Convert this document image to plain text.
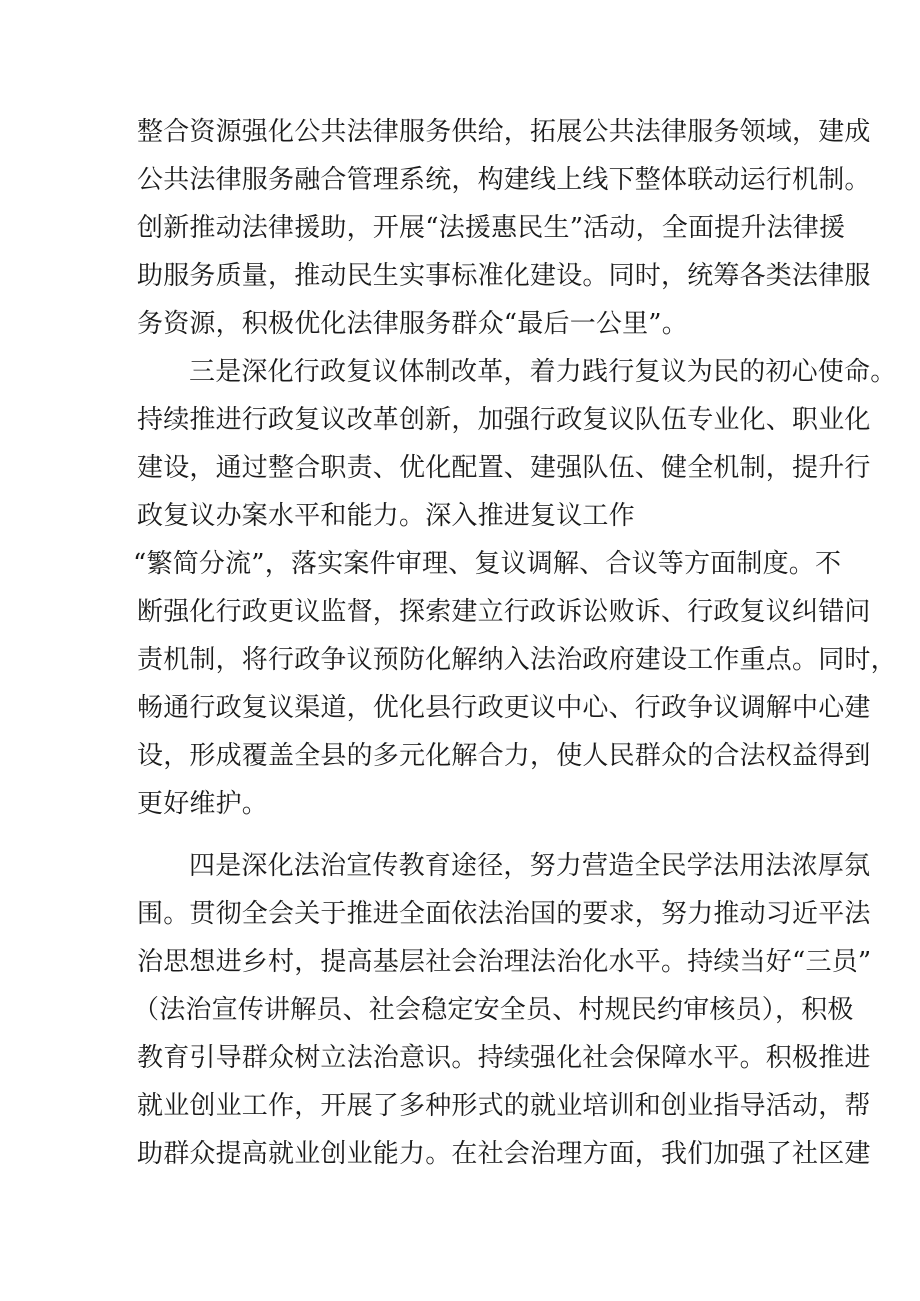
整合资源强化公共法律服务供给，拓展公共法律服务领域，建成
公共法律服务融合管理系统，构建线上线下整体联动运行机制。
创新推动法律援助，开展“法援惠民生”活动，全面提升法律援
助服务质量，推动民生实事标准化建设。同时，统筹各类法律服
务资源，积极优化法律服务群众“最后一公里”。
三是深化行政复议体制改革，着力践行复议为民的初心使命。
持续推进行政复议改革创新，加强行政复议队伍专业化、职业化
建设，通过整合职责、优化配置、建强队伍、健全机制，提升行
政复议办案水平和能力。深入推进复议工作
“繁简分流”，落实案件审理、复议调解、合议等方面制度。不
断强化行政更议监督，探索建立行政诉讼败诉、行政复议纠错问
责机制，将行政争议预防化解纳入法治政府建设工作重点。同时，
畅通行政复议渠道，优化县行政更议中心、行政争议调解中心建
设，形成覆盖全县的多元化解合力，使人民群众的合法权益得到
更好维护。
四是深化法治宣传教育途径，努力营造全民学法用法浓厚氛
围。贯彻全会关于推进全面依法治国的要求，努力推动习近平法
治思想进乡村，提高基层社会治理法治化水平。持续当好“三员”
（法治宣传讲解员、社会稳定安全员、村规民约审核员），积极
教育引导群众树立法治意识。持续强化社会保障水平。积极推进
就业创业工作，开展了多种形式的就业培训和创业指导活动，帮
助群众提高就业创业能力。在社会治理方面，我们加强了社区建
